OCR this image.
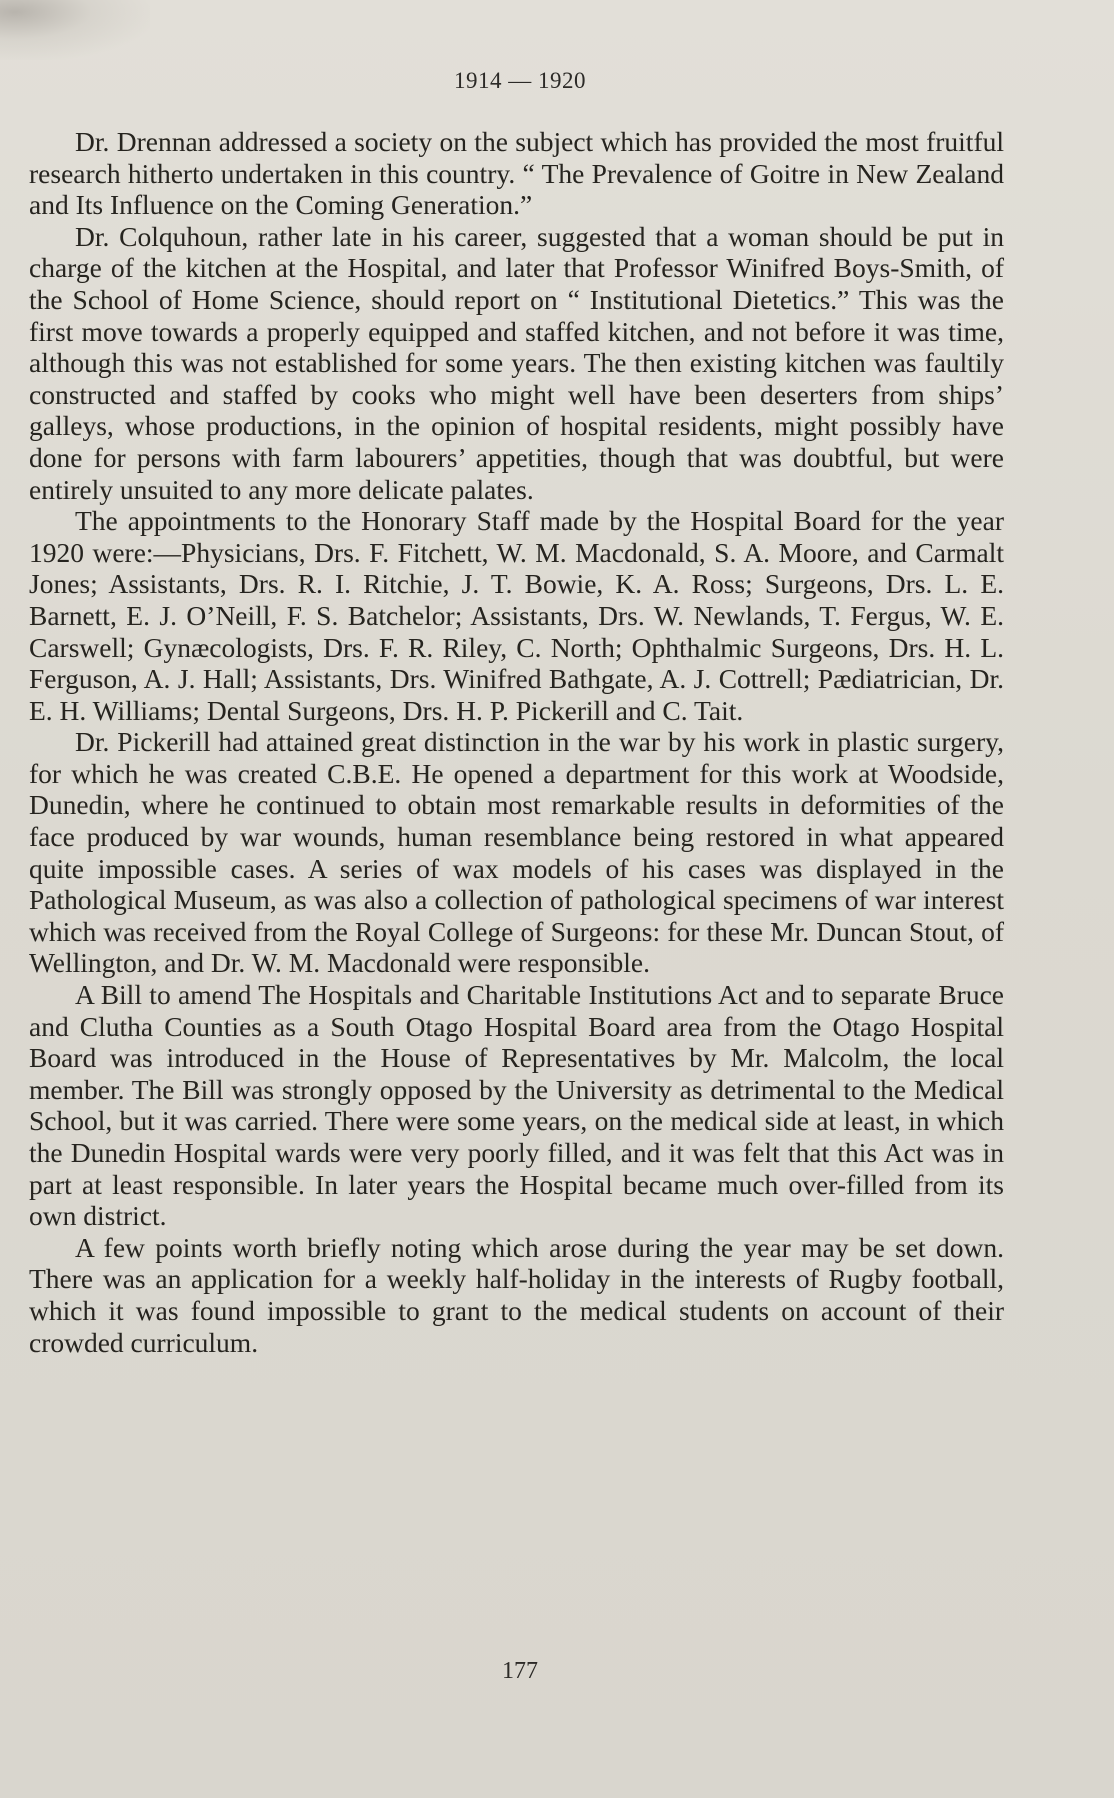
1914 — 1920

Dr. Drennan addressed a society on the subject which has provided the most fruitful research hitherto undertaken in this country. “ The Prevalence of Goitre in New Zealand and Its Influence on the Coming Generation.”

Dr. Colquhoun, rather late in his career, suggested that a woman should be put in charge of the kitchen at the Hospital, and later that Professor Winifred Boys-Smith, of the School of Home Science, should report on “ Institutional Dietetics.” This was the first move towards a properly equipped and staffed kitchen, and not before it was time, although this was not established for some years. The then existing kitchen was faultily constructed and staffed by cooks who might well have been deserters from ships’ galleys, whose productions, in the opinion of hospital residents, might possibly have done for persons with farm labourers’ appetities, though that was doubtful, but were entirely unsuited to any more delicate palates.

The appointments to the Honorary Staff made by the Hospital Board for the year 1920 were:—Physicians, Drs. F. Fitchett, W. M. Macdonald, S. A. Moore, and Carmalt Jones; Assistants, Drs. R. I. Ritchie, J. T. Bowie, K. A. Ross; Surgeons, Drs. L. E. Barnett, E. J. O’Neill, F. S. Batchelor; Assistants, Drs. W. Newlands, T. Fergus, W. E. Carswell; Gynæcologists, Drs. F. R. Riley, C. North; Ophthalmic Surgeons, Drs. H. L. Ferguson, A. J. Hall; Assistants, Drs. Winifred Bathgate, A. J. Cottrell; Pædiatrician, Dr. E. H. Williams; Dental Surgeons, Drs. H. P. Pickerill and C. Tait.

Dr. Pickerill had attained great distinction in the war by his work in plastic surgery, for which he was created C.B.E. He opened a department for this work at Woodside, Dunedin, where he continued to obtain most remarkable results in deformities of the face produced by war wounds, human resemblance being restored in what appeared quite impossible cases. A series of wax models of his cases was displayed in the Pathological Museum, as was also a collection of pathological specimens of war interest which was received from the Royal College of Surgeons: for these Mr. Duncan Stout, of Wellington, and Dr. W. M. Macdonald were responsible.

A Bill to amend The Hospitals and Charitable Institutions Act and to separate Bruce and Clutha Counties as a South Otago Hospital Board area from the Otago Hospital Board was introduced in the House of Representatives by Mr. Malcolm, the local member. The Bill was strongly opposed by the University as detrimental to the Medical School, but it was carried. There were some years, on the medical side at least, in which the Dunedin Hospital wards were very poorly filled, and it was felt that this Act was in part at least responsible. In later years the Hospital became much over-filled from its own district.

A few points worth briefly noting which arose during the year may be set down. There was an application for a weekly half-holiday in the interests of Rugby football, which it was found impossible to grant to the medical students on account of their crowded curriculum.

177
